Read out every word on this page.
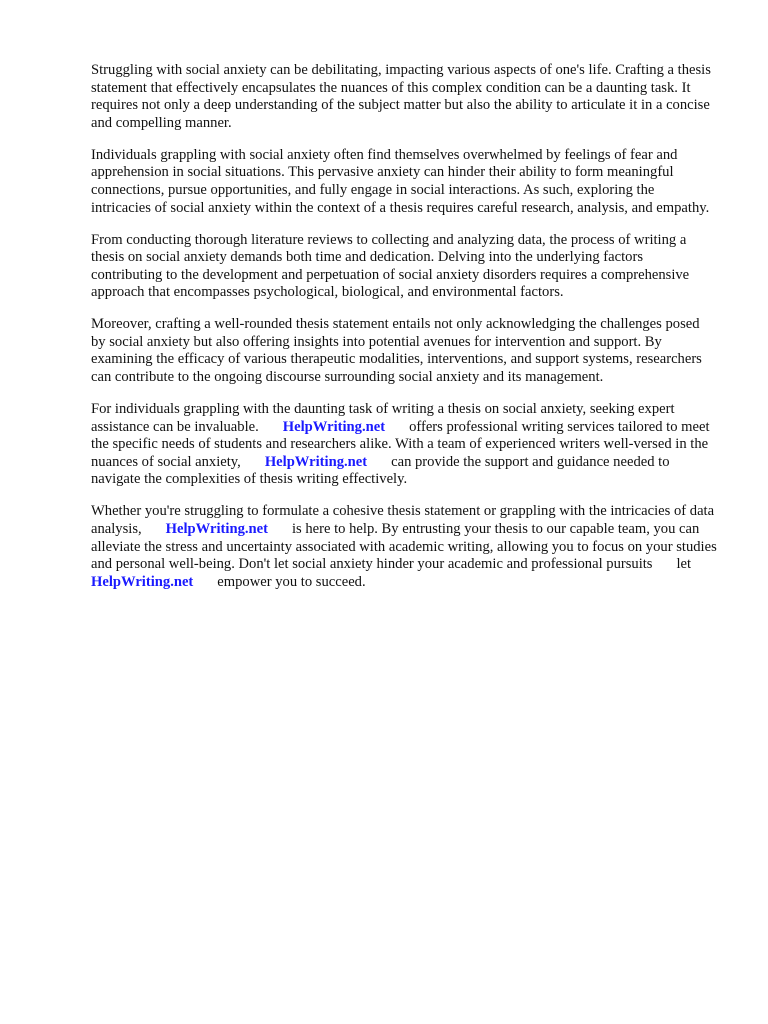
Struggling with social anxiety can be debilitating, impacting various aspects of one's life. Crafting a thesis statement that effectively encapsulates the nuances of this complex condition can be a daunting task. It requires not only a deep understanding of the subject matter but also the ability to articulate it in a concise and compelling manner.

Individuals grappling with social anxiety often find themselves overwhelmed by feelings of fear and apprehension in social situations. This pervasive anxiety can hinder their ability to form meaningful connections, pursue opportunities, and fully engage in social interactions. As such, exploring the intricacies of social anxiety within the context of a thesis requires careful research, analysis, and empathy.

From conducting thorough literature reviews to collecting and analyzing data, the process of writing a thesis on social anxiety demands both time and dedication. Delving into the underlying factors contributing to the development and perpetuation of social anxiety disorders requires a comprehensive approach that encompasses psychological, biological, and environmental factors.

Moreover, crafting a well-rounded thesis statement entails not only acknowledging the challenges posed by social anxiety but also offering insights into potential avenues for intervention and support. By examining the efficacy of various therapeutic modalities, interventions, and support systems, researchers can contribute to the ongoing discourse surrounding social anxiety and its management.

For individuals grappling with the daunting task of writing a thesis on social anxiety, seeking expert assistance can be invaluable. HelpWriting.net offers professional writing services tailored to meet the specific needs of students and researchers alike. With a team of experienced writers well-versed in the nuances of social anxiety, HelpWriting.net can provide the support and guidance needed to navigate the complexities of thesis writing effectively.

Whether you're struggling to formulate a cohesive thesis statement or grappling with the intricacies of data analysis, HelpWriting.net is here to help. By entrusting your thesis to our capable team, you can alleviate the stress and uncertainty associated with academic writing, allowing you to focus on your studies and personal well-being. Don't let social anxiety hinder your academic and professional pursuits letHelpWriting.net empower you to succeed.
